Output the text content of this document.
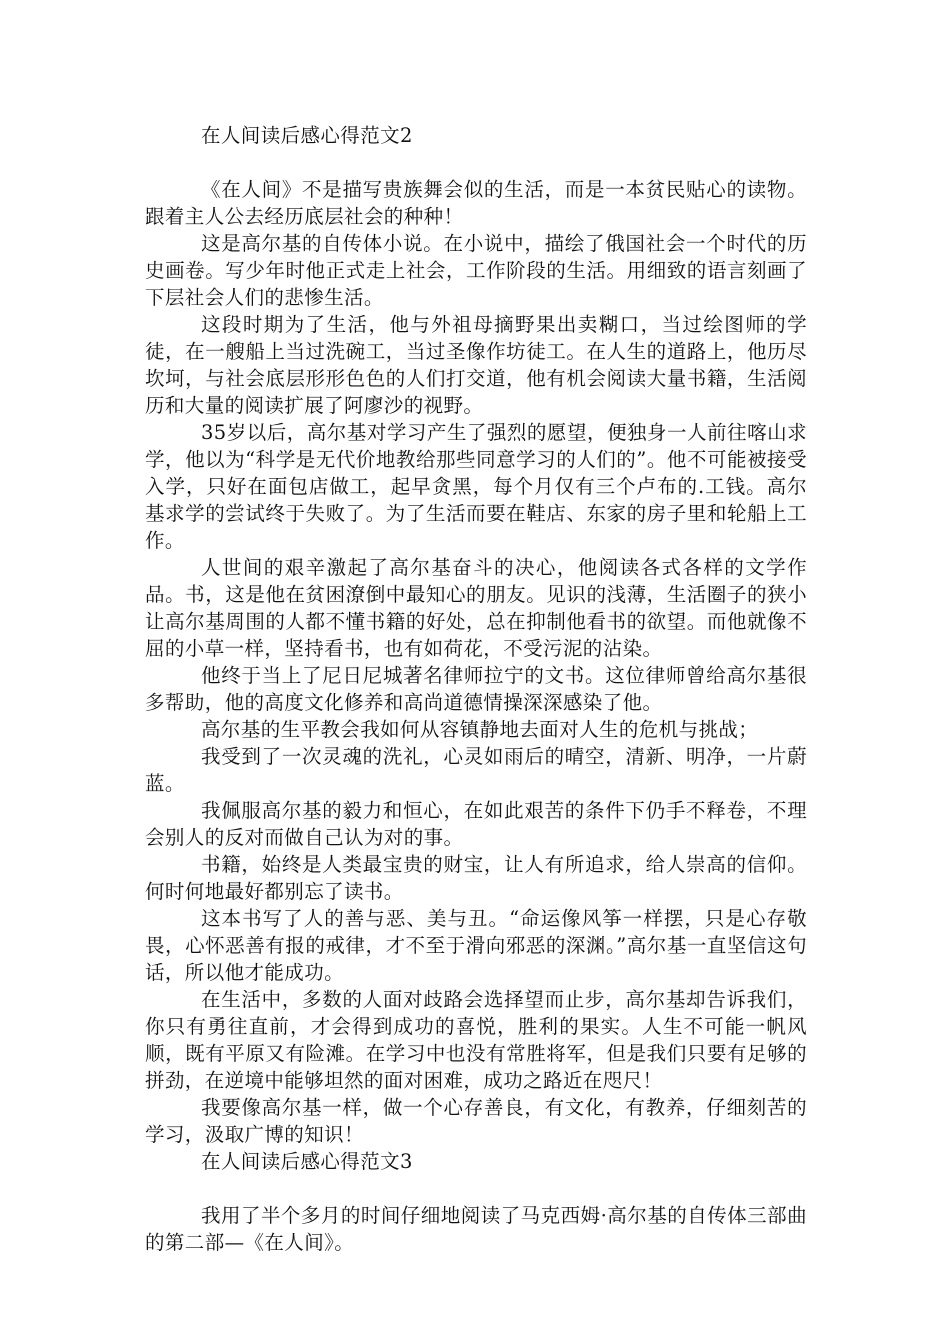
在人间读后感心得范文2

《在人间》不是描写贵族舞会似的生活，而是一本贫民贴心的读物。跟着主人公去经历底层社会的种种！

这是高尔基的自传体小说。在小说中，描绘了俄国社会一个时代的历史画卷。写少年时他正式走上社会，工作阶段的生活。用细致的语言刻画了下层社会人们的悲惨生活。

这段时期为了生活，他与外祖母摘野果出卖糊口，当过绘图师的学徒，在一艘船上当过洗碗工，当过圣像作坊徒工。在人生的道路上，他历尽坎坷，与社会底层形形色色的人们打交道，他有机会阅读大量书籍，生活阅历和大量的阅读扩展了阿廖沙的视野。

35岁以后，高尔基对学习产生了强烈的愿望，便独身一人前往喀山求学，他以为“科学是无代价地教给那些同意学习的人们的”。他不可能被接受入学，只好在面包店做工，起早贪黑，每个月仅有三个卢布的.工钱。高尔基求学的尝试终于失败了。为了生活而要在鞋店、东家的房子里和轮船上工作。

人世间的艰辛激起了高尔基奋斗的决心，他阅读各式各样的文学作品。书，这是他在贫困潦倒中最知心的朋友。见识的浅薄，生活圈子的狭小让高尔基周围的人都不懂书籍的好处，总在抑制他看书的欲望。而他就像不屈的小草一样，坚持看书，也有如荷花，不受污泥的沾染。

他终于当上了尼日尼城著名律师拉宁的文书。这位律师曾给高尔基很多帮助，他的高度文化修养和高尚道德情操深深感染了他。

高尔基的生平教会我如何从容镇静地去面对人生的危机与挑战；

我受到了一次灵魂的洗礼，心灵如雨后的晴空，清新、明净，一片蔚蓝。

我佩服高尔基的毅力和恒心，在如此艰苦的条件下仍手不释卷，不理会别人的反对而做自己认为对的事。

书籍，始终是人类最宝贵的财宝，让人有所追求，给人崇高的信仰。何时何地最好都别忘了读书。

这本书写了人的善与恶、美与丑。“命运像风筝一样摆，只是心存敬畏，心怀恶善有报的戒律，才不至于滑向邪恶的深渊。”高尔基一直坚信这句话，所以他才能成功。

在生活中，多数的人面对歧路会选择望而止步，高尔基却告诉我们，你只有勇往直前，才会得到成功的喜悦，胜利的果实。人生不可能一帆风顺，既有平原又有险滩。在学习中也没有常胜将军，但是我们只要有足够的拼劲，在逆境中能够坦然的面对困难，成功之路近在咫尺！

我要像高尔基一样，做一个心存善良，有文化，有教养，仔细刻苦的学习，汲取广博的知识！

在人间读后感心得范文3

我用了半个多月的时间仔细地阅读了马克西姆·高尔基的自传体三部曲的第二部—《在人间》。
